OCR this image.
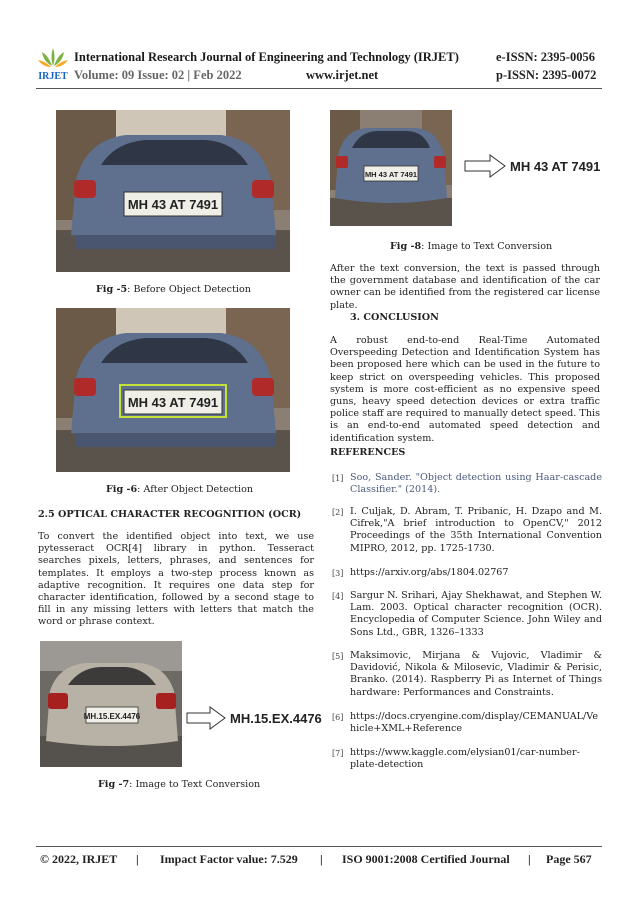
IRJET
International Research Journal of Engineering and Technology (IRJET)	e-ISSN: 2395-0056
Volume: 09 Issue: 02 | Feb 2022	www.irjet.net	p-ISSN: 2395-0072
MH 43 AT 7491
Fig -5: Before Object Detection
MH 43 AT 7491
Fig -6: After Object Detection
2.5 OPTICAL CHARACTER RECOGNITION (OCR)
To convert the identified object into text, we use pytesseract OCR[4] library in python. Tesseract searches pixels, letters, phrases, and sentences for templates. It employs a two-step process known as adaptive recognition. It requires one data step for character identification, followed by a second stage to fill in any missing letters with letters that match the word or phrase context.
MH.15.EX.4476	MH.15.EX.4476
Fig -7: Image to Text Conversion
MH 43 AT 7491
MH 43 AT 7491
Fig -8: Image to Text Conversion
After the text conversion, the text is passed through the government database and identification of the car owner can be identified from the registered car license plate.
3. CONCLUSION
A robust end-to-end Real-Time Automated Overspeeding Detection and Identification System has been proposed here which can be used in the future to keep strict on overspeeding vehicles. This proposed system is more cost-efficient as no expensive speed guns, heavy speed detection devices or extra traffic police staff are required to manually detect speed. This is an end-to-end automated speed detection and identification system.
REFERENCES
[1] Soo, Sander. "Object detection using Haar-cascade Classifier." (2014).
[2] I. Culjak, D. Abram, T. Pribanic, H. Dzapo and M. Cifrek,"A brief introduction to OpenCV," 2012 Proceedings of the 35th International Convention MIPRO, 2012, pp. 1725-1730.
[3] https://arxiv.org/abs/1804.02767
[4] Sargur N. Srihari, Ajay Shekhawat, and Stephen W. Lam. 2003. Optical character recognition (OCR). Encyclopedia of Computer Science. John Wiley and Sons Ltd., GBR, 1326–1333
[5] Maksimovic, Mirjana & Vujovic, Vladimir & Davidović, Nikola & Milosevic, Vladimir & Perisic, Branko. (2014). Raspberry Pi as Internet of Things hardware: Performances and Constraints.
[6] https://docs.cryengine.com/display/CEMANUAL/Vehicle+XML+Reference
[7] https://www.kaggle.com/elysian01/car-number-plate-detection
© 2022, IRJET | Impact Factor value: 7.529 | ISO 9001:2008 Certified Journal | Page 567
